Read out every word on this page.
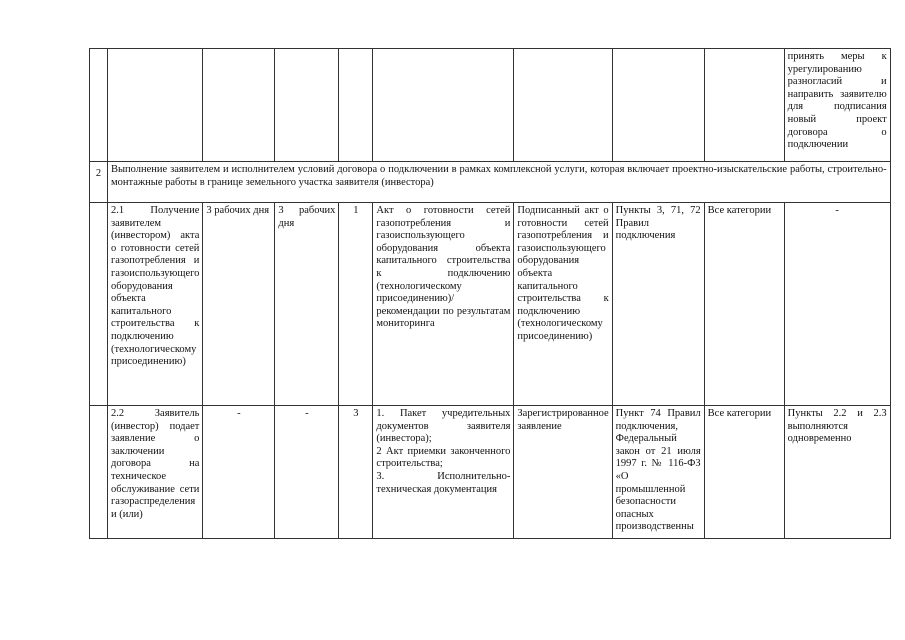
									принять меры к урегулированию разногласий и направить заявителю для подписания новый проект договора о подключении
2	Выполнение заявителем и исполнителем условий договора о подключении в рамках комплексной услуги, которая включает проектно-изыскательские работы, строительно-монтажные работы в границе земельного участка заявителя (инвестора)								
	2.1 Получение заявителем (инвестором) акта о готовности сетей газопотребления и газоиспользующего оборудования объекта капитального строительства к подключению (технологическому присоединению)	3 рабочих дня	3 рабочих дня	1	Акт о готовности сетей газопотребления и газоиспользующего оборудования объекта капитального строительства к подключению (технологическому присоединению)/рекомендации по результатам мониторинга	Подписанный акт о готовности сетей газопотребления и газоиспользующего оборудования объекта капитального строительства к подключению (технологическому присоединению)	Пункты 3, 71, 72 Правил подключения	Все категории	-
	2.2 Заявитель (инвестор) подает заявление о заключении договора на техническое обслуживание сети газораспределения и (или)	-	-	3	1. Пакет учредительных документов заявителя (инвестора);
2 Акт приемки законченного строительства;
3. Исполнительно-техническая документация	Зарегистрированное заявление	Пункт 74 Правил подключения, Федеральный закон от 21 июля 1997 г. № 116-ФЗ «О промышленной безопасности опасных производственны	Все категории	Пункты 2.2 и 2.3 выполняются одновременно
